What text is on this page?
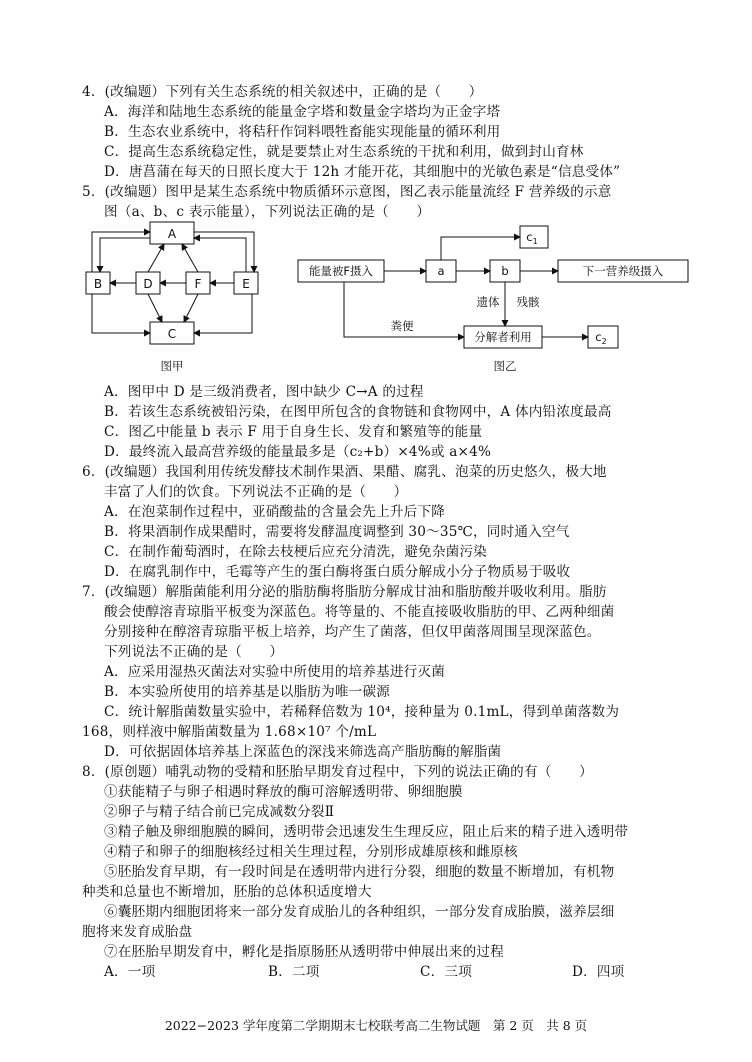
4．(改编题）下列有关生态系统的相关叙述中，正确的是（　　）
A．海洋和陆地生态系统的能量金字塔和数量金字塔均为正金字塔
B．生态农业系统中，将秸秆作饲料喂牲畜能实现能量的循环利用
C．提高生态系统稳定性，就是要禁止对生态系统的干扰和利用，做到封山育林
D．唐菖蒲在每天的日照长度大于 12h 才能开花，其细胞中的光敏色素是“信息受体”
5．(改编题）图甲是某生态系统中物质循环示意图，图乙表示能量流经 F 营养级的示意
图（a、b、c 表示能量），下列说法正确的是（　　）
A
B	D	F	E
C
图甲
能量被F摄入	a	b
$c_1$
下一营养级摄入
遗体 残骸
粪便
分解者利用	$c_2$
图乙
A．图甲中 D 是三级消费者，图中缺少 C→A 的过程
B．若该生态系统被铅污染，在图甲所包含的食物链和食物网中，A 体内铅浓度最高
C．图乙中能量 b 表示 F 用于自身生长、发育和繁殖等的能量
D．最终流入最高营养级的能量最多是（c₂+b）×4%或 a×4%
6．(改编题）我国利用传统发酵技术制作果酒、果醋、腐乳、泡菜的历史悠久，极大地
丰富了人们的饮食。下列说法不正确的是（　　）
A．在泡菜制作过程中，亚硝酸盐的含量会先上升后下降
B．将果酒制作成果醋时，需要将发酵温度调整到 30～35℃，同时通入空气
C．在制作葡萄酒时，在除去枝梗后应充分清洗，避免杂菌污染
D．在腐乳制作中，毛霉等产生的蛋白酶将蛋白质分解成小分子物质易于吸收
7．(改编题）解脂菌能利用分泌的脂肪酶将脂肪分解成甘油和脂肪酸并吸收利用。脂肪
酸会使醇溶青琼脂平板变为深蓝色。将等量的、不能直接吸收脂肪的甲、乙两种细菌
分别接种在醇溶青琼脂平板上培养，均产生了菌落，但仅甲菌落周围呈现深蓝色。
下列说法不正确的是（　　）
A．应采用湿热灭菌法对实验中所使用的培养基进行灭菌
B．本实验所使用的培养基是以脂肪为唯一碳源
C．统计解脂菌数量实验中，若稀释倍数为 10⁴，接种量为 0.1mL，得到单菌落数为
168，则样液中解脂菌数量为 1.68×10⁷ 个/mL
D．可依据固体培养基上深蓝色的深浅来筛选高产脂肪酶的解脂菌
8．(原创题）哺乳动物的受精和胚胎早期发育过程中，下列的说法正确的有（　　）
①获能精子与卵子相遇时释放的酶可溶解透明带、卵细胞膜
②卵子与精子结合前已完成减数分裂Ⅱ
③精子触及卵细胞膜的瞬间，透明带会迅速发生生理反应，阻止后来的精子进入透明带
④精子和卵子的细胞核经过相关生理过程，分别形成雄原核和雌原核
⑤胚胎发育早期，有一段时间是在透明带内进行分裂，细胞的数量不断增加，有机物
种类和总量也不断增加，胚胎的总体积适度增大
⑥囊胚期内细胞团将来一部分发育成胎儿的各种组织，一部分发育成胎膜，滋养层细
胞将来发育成胎盘
⑦在胚胎早期发育中，孵化是指原肠胚从透明带中伸展出来的过程
A．一项	B．二项	C．三项	D．四项
2022−2023 学年度第二学期期末七校联考高二生物试题　第 2 页　共 8 页
